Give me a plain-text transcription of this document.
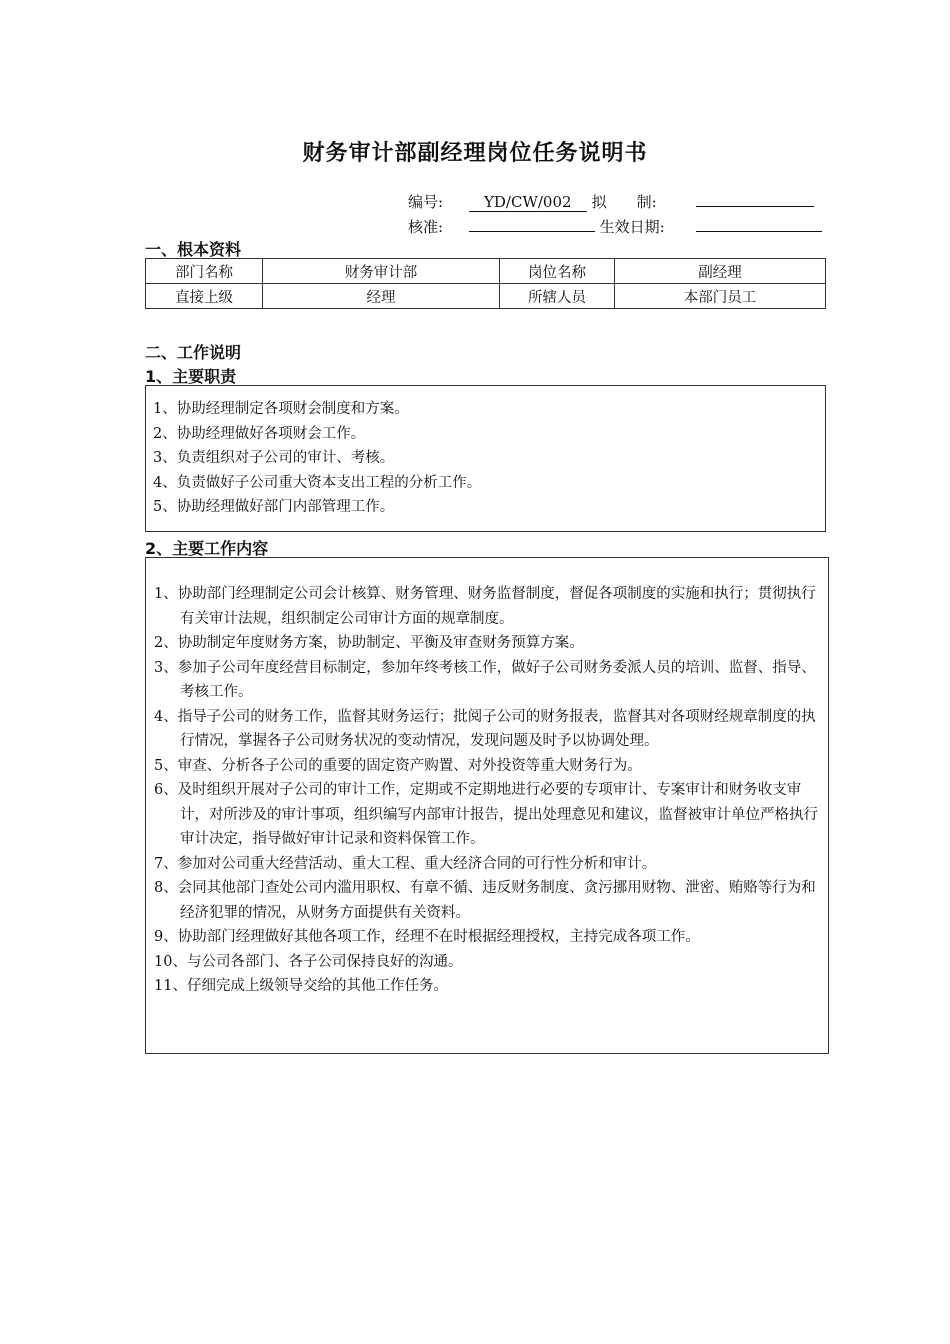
财务审计部副经理岗位任务说明书
编号:	YD/CW/002 拟　　制:
核准:	生效日期:
一、根本资料
部门名称	财务审计部	岗位名称	副经理
直接上级	经理	所辖人员	本部门员工
二、工作说明
1、主要职责
1、协助经理制定各项财会制度和方案。
2、协助经理做好各项财会工作。
3、负责组织对子公司的审计、考核。
4、负责做好子公司重大资本支出工程的分析工作。
5、协助经理做好部门内部管理工作。
2、主要工作内容
1、协助部门经理制定公司会计核算、财务管理、财务监督制度，督促各项制度的实施和执行；贯彻执行有关审计法规，组织制定公司审计方面的规章制度。
2、协助制定年度财务方案，协助制定、平衡及审查财务预算方案。
3、参加子公司年度经营目标制定，参加年终考核工作，做好子公司财务委派人员的培训、监督、指导、考核工作。
4、指导子公司的财务工作，监督其财务运行；批阅子公司的财务报表，监督其对各项财经规章制度的执行情况，掌握各子公司财务状况的变动情况，发现问题及时予以协调处理。
5、审查、分析各子公司的重要的固定资产购置、对外投资等重大财务行为。
6、及时组织开展对子公司的审计工作，定期或不定期地进行必要的专项审计、专案审计和财务收支审计，对所涉及的审计事项，组织编写内部审计报告，提出处理意见和建议，监督被审计单位严格执行审计决定，指导做好审计记录和资料保管工作。
7、参加对公司重大经营活动、重大工程、重大经济合同的可行性分析和审计。
8、会同其他部门查处公司内滥用职权、有章不循、违反财务制度、贪污挪用财物、泄密、贿赂等行为和经济犯罪的情况，从财务方面提供有关资料。
9、协助部门经理做好其他各项工作，经理不在时根据经理授权，主持完成各项工作。
10、与公司各部门、各子公司保持良好的沟通。
11、仔细完成上级领导交给的其他工作任务。
